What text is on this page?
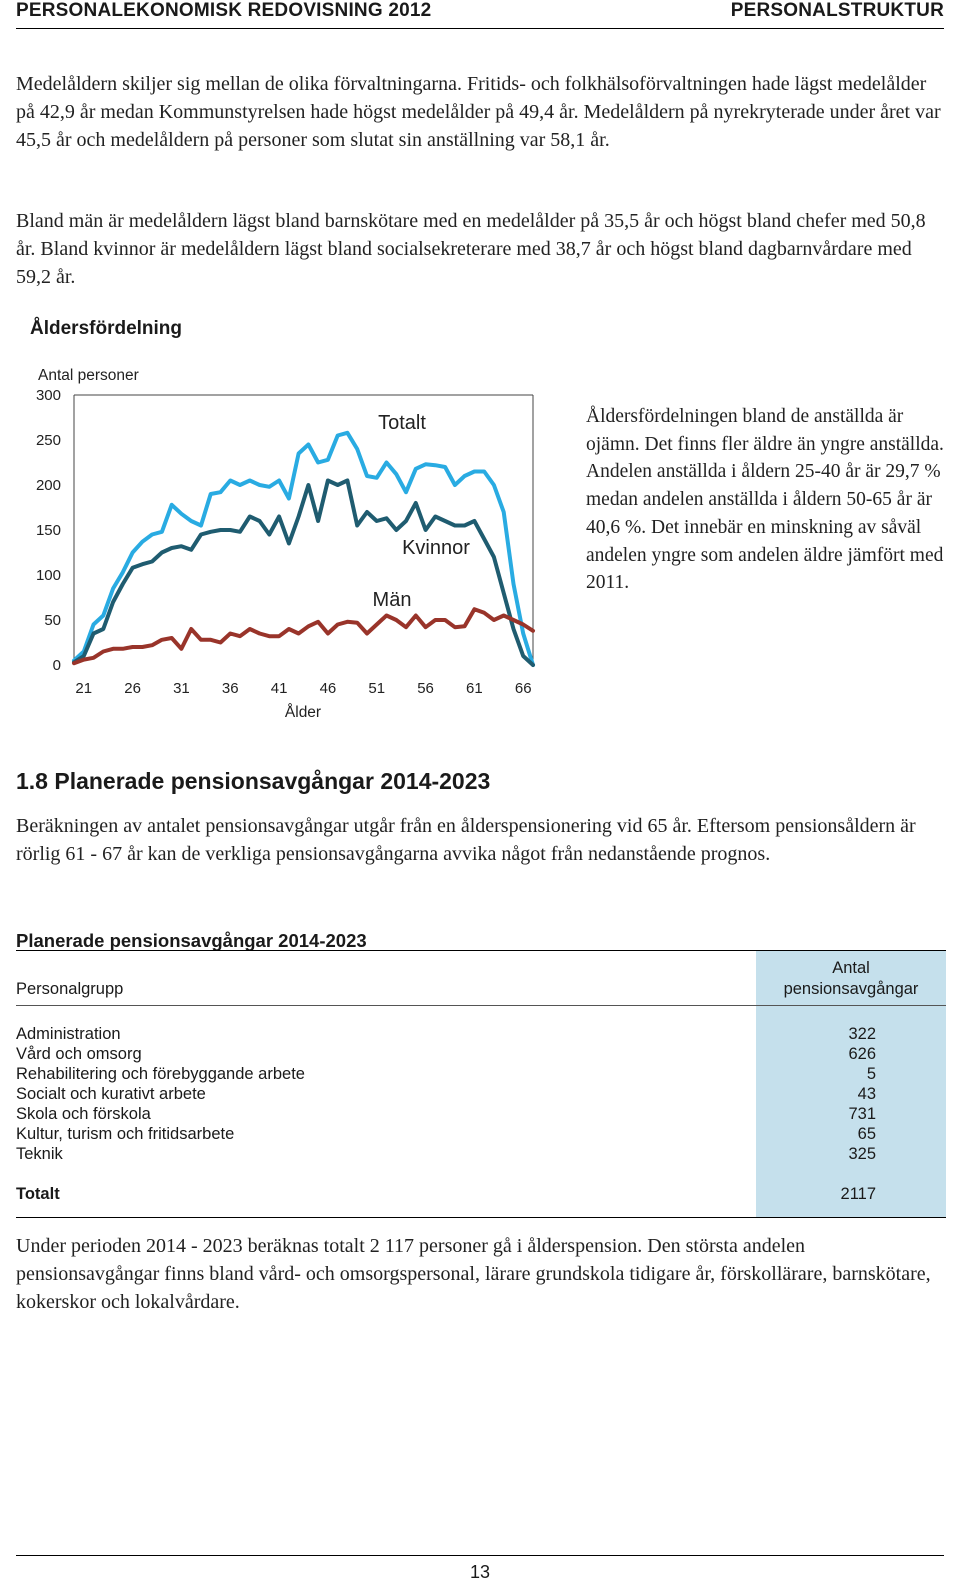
PERSONALEKONOMISK REDOVISNING 2012	PERSONALSTRUKTUR

Medelåldern skiljer sig mellan de olika förvaltningarna. Fritids- och folkhälsoförvaltningen hade lägst medelålder på 42,9 år medan Kommunstyrelsen hade högst medelålder på 49,4 år. Medelåldern på nyrekryterade under året var 45,5 år och medelåldern på personer som slutat sin anställning var 58,1 år.

Bland män är medelåldern lägst bland barnskötare med en medelålder på 35,5 år och högst bland chefer med 50,8 år. Bland kvinnor är medelåldern lägst bland socialsekreterare med 38,7 år och högst bland dagbarnvårdare med 59,2 år.

Åldersfördelning
Antal personer
0
50
100
150
200
250
300
21 26 31 36 41 46 51 56 61 66
Ålder
Totalt
Kvinnor
Män

Åldersfördelningen bland de anställda är ojämn. Det finns fler äldre än yngre anställda. Andelen anställda i åldern 25-40 år är 29,7 % medan andelen anställda i åldern 50-65 år är 40,6 %. Det innebär en minskning av såväl andelen yngre som andelen äldre jämfört med 2011.

1.8 Planerade pensionsavgångar 2014-2023

Beräkningen av antalet pensionsavgångar utgår från en ålderspensionering vid 65 år. Eftersom pensionsåldern är rörlig 61 - 67 år kan de verkliga pensionsavgångarna avvika något från nedanstående prognos.

Planerade pensionsavgångar 2014-2023
Personalgrupp
Antal
pensionsavgångar
Administration	322
Vård och omsorg	626
Rehabilitering och förebyggande arbete	5
Socialt och kurativt arbete	43
Skola och förskola	731
Kultur, turism och fritidsarbete	65
Teknik	325
Totalt	2117

Under perioden 2014 - 2023 beräknas totalt 2 117 personer gå i ålderspension. Den största andelen pensionsavgångar finns bland vård- och omsorgspersonal, lärare grundskola tidigare år, förskollärare, barnskötare, kokerskor och lokalvårdare.

13
